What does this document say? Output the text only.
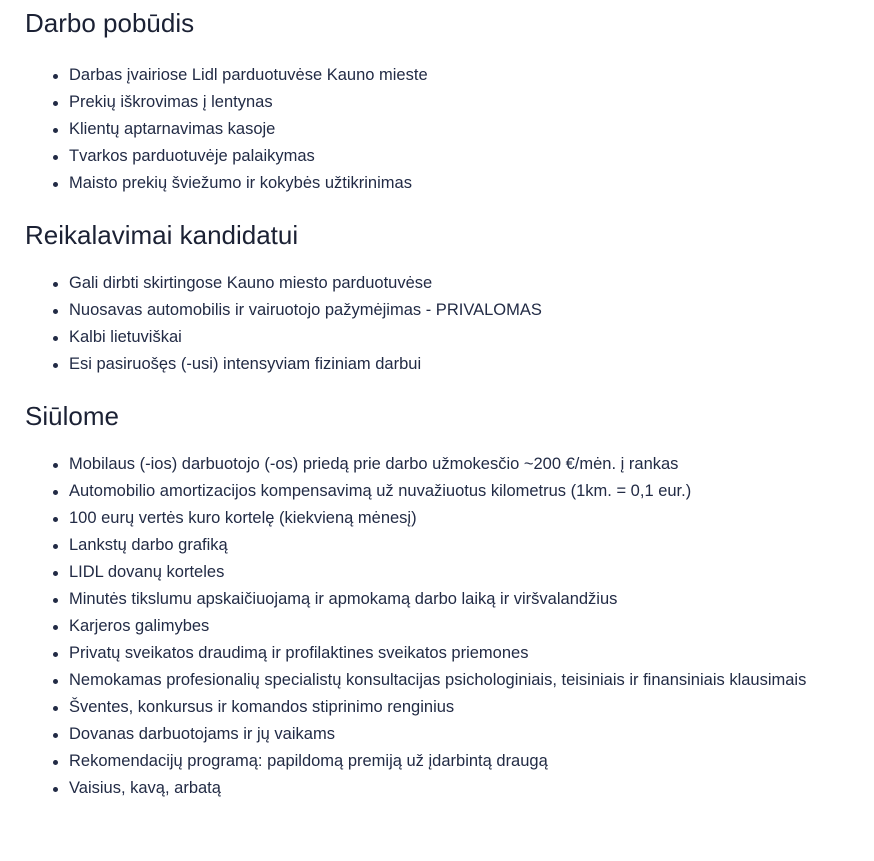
Darbo pobūdis
Darbas įvairiose Lidl parduotuvėse Kauno mieste
Prekių iškrovimas į lentynas
Klientų aptarnavimas kasoje
Tvarkos parduotuvėje palaikymas
Maisto prekių šviežumo ir kokybės užtikrinimas
Reikalavimai kandidatui
Gali dirbti skirtingose Kauno miesto parduotuvėse
Nuosavas automobilis ir vairuotojo pažymėjimas - PRIVALOMAS
Kalbi lietuviškai
Esi pasiruošęs (-usi) intensyviam fiziniam darbui
Siūlome
Mobilaus (-ios) darbuotojo (-os) priedą prie darbo užmokesčio ~200 €/mėn. į rankas
Automobilio amortizacijos kompensavimą už nuvažiuotus kilometrus (1km. = 0,1 eur.)
100 eurų vertės kuro kortelę (kiekvieną mėnesį)
Lankstų darbo grafiką
LIDL dovanų korteles
Minutės tikslumu apskaičiuojamą ir apmokamą darbo laiką ir viršvalandžius
Karjeros galimybes
Privatų sveikatos draudimą ir profilaktines sveikatos priemones
Nemokamas profesionalių specialistų konsultacijas psichologiniais, teisiniais ir finansiniais klausimais
Šventes, konkursus ir komandos stiprinimo renginius
Dovanas darbuotojams ir jų vaikams
Rekomendacijų programą: papildomą premiją už įdarbintą draugą
Vaisius, kavą, arbatą
